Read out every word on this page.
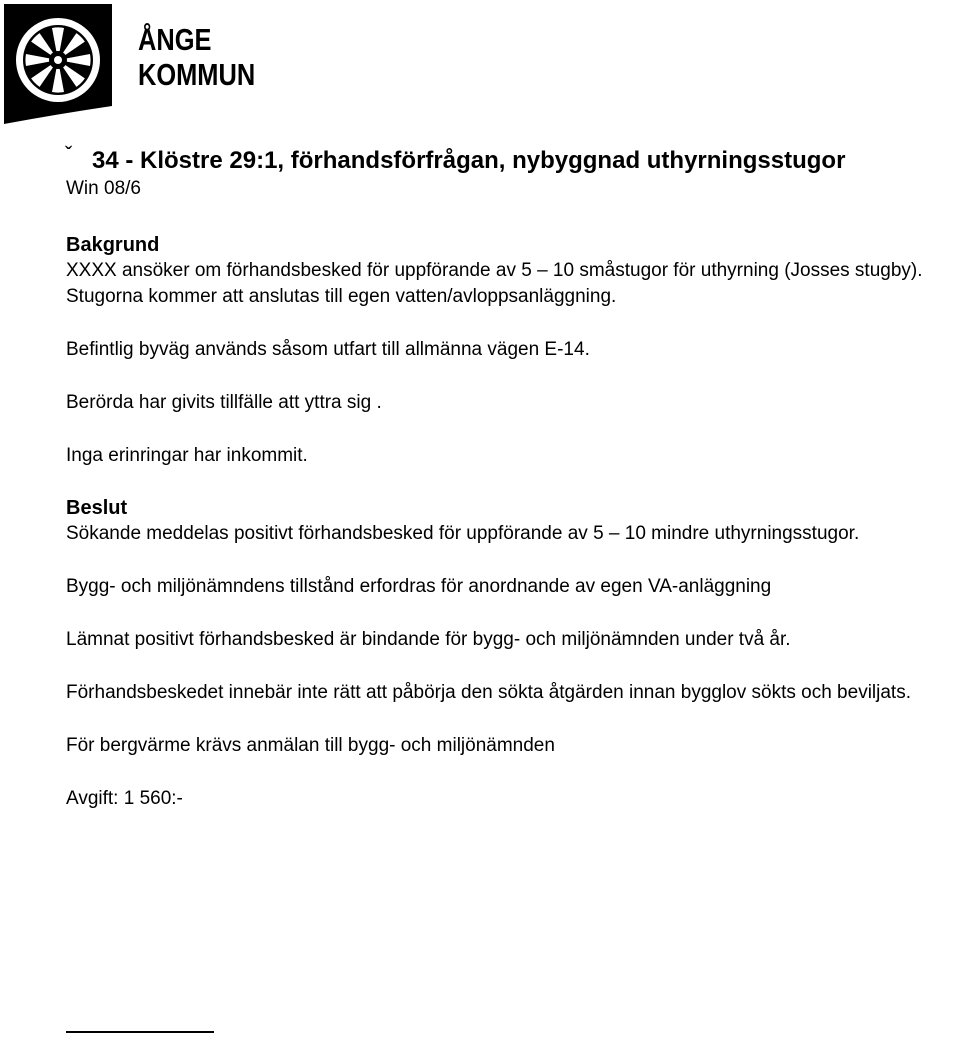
ÅNGE
KOMMUN
ˇ 34 - Klöstre 29:1, förhandsförfrågan, nybyggnad uthyrningsstugor
Win 08/6
Bakgrund

XXXX ansöker om förhandsbesked för uppförande av 5 – 10 småstugor för uthyrning (Josses stugby). Stugorna kommer att anslutas till egen vatten/avloppsanläggning.

Befintlig byväg används såsom utfart till allmänna vägen E-14.

Berörda har givits tillfälle att yttra sig .

Inga erinringar har inkommit.

Beslut

Sökande meddelas positivt förhandsbesked för uppförande av 5 – 10 mindre uthyrningsstugor.

Bygg- och miljönämndens tillstånd erfordras för anordnande av egen VA-anläggning

Lämnat positivt förhandsbesked är bindande för bygg- och miljönämnden under två år.

Förhandsbeskedet innebär inte rätt att påbörja den sökta åtgärden innan bygglov sökts och beviljats.

För bergvärme krävs anmälan till bygg- och miljönämnden

Avgift: 1 560:-
